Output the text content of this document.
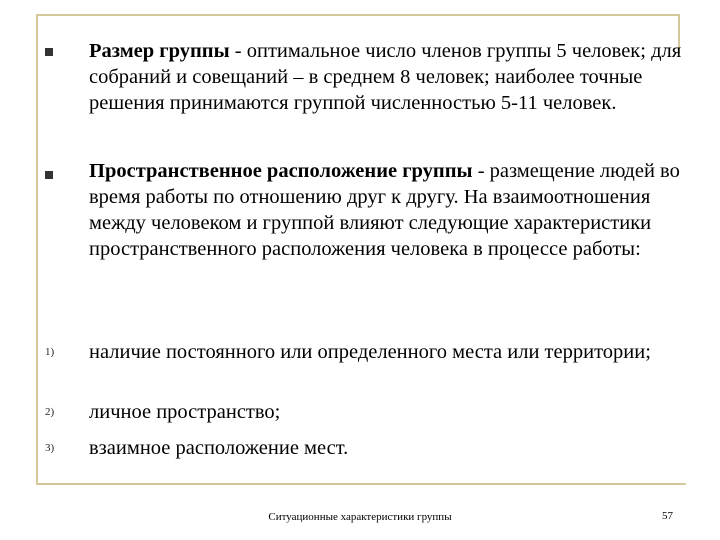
Размер группы - оптимальное число членов группы 5 человек; для собраний и совещаний – в среднем 8 человек; наиболее точные решения принимаются группой численностью 5-11 человек.
Пространственное расположение группы - размещение людей во время работы по отношению друг к другу. На взаимоотношения между человеком и группой влияют следующие характеристики пространственного расположения человека в процессе работы:
1) наличие постоянного или определенного места или территории;
2) личное пространство;
3) взаимное расположение мест.
Ситуационные характеристики группы	57
